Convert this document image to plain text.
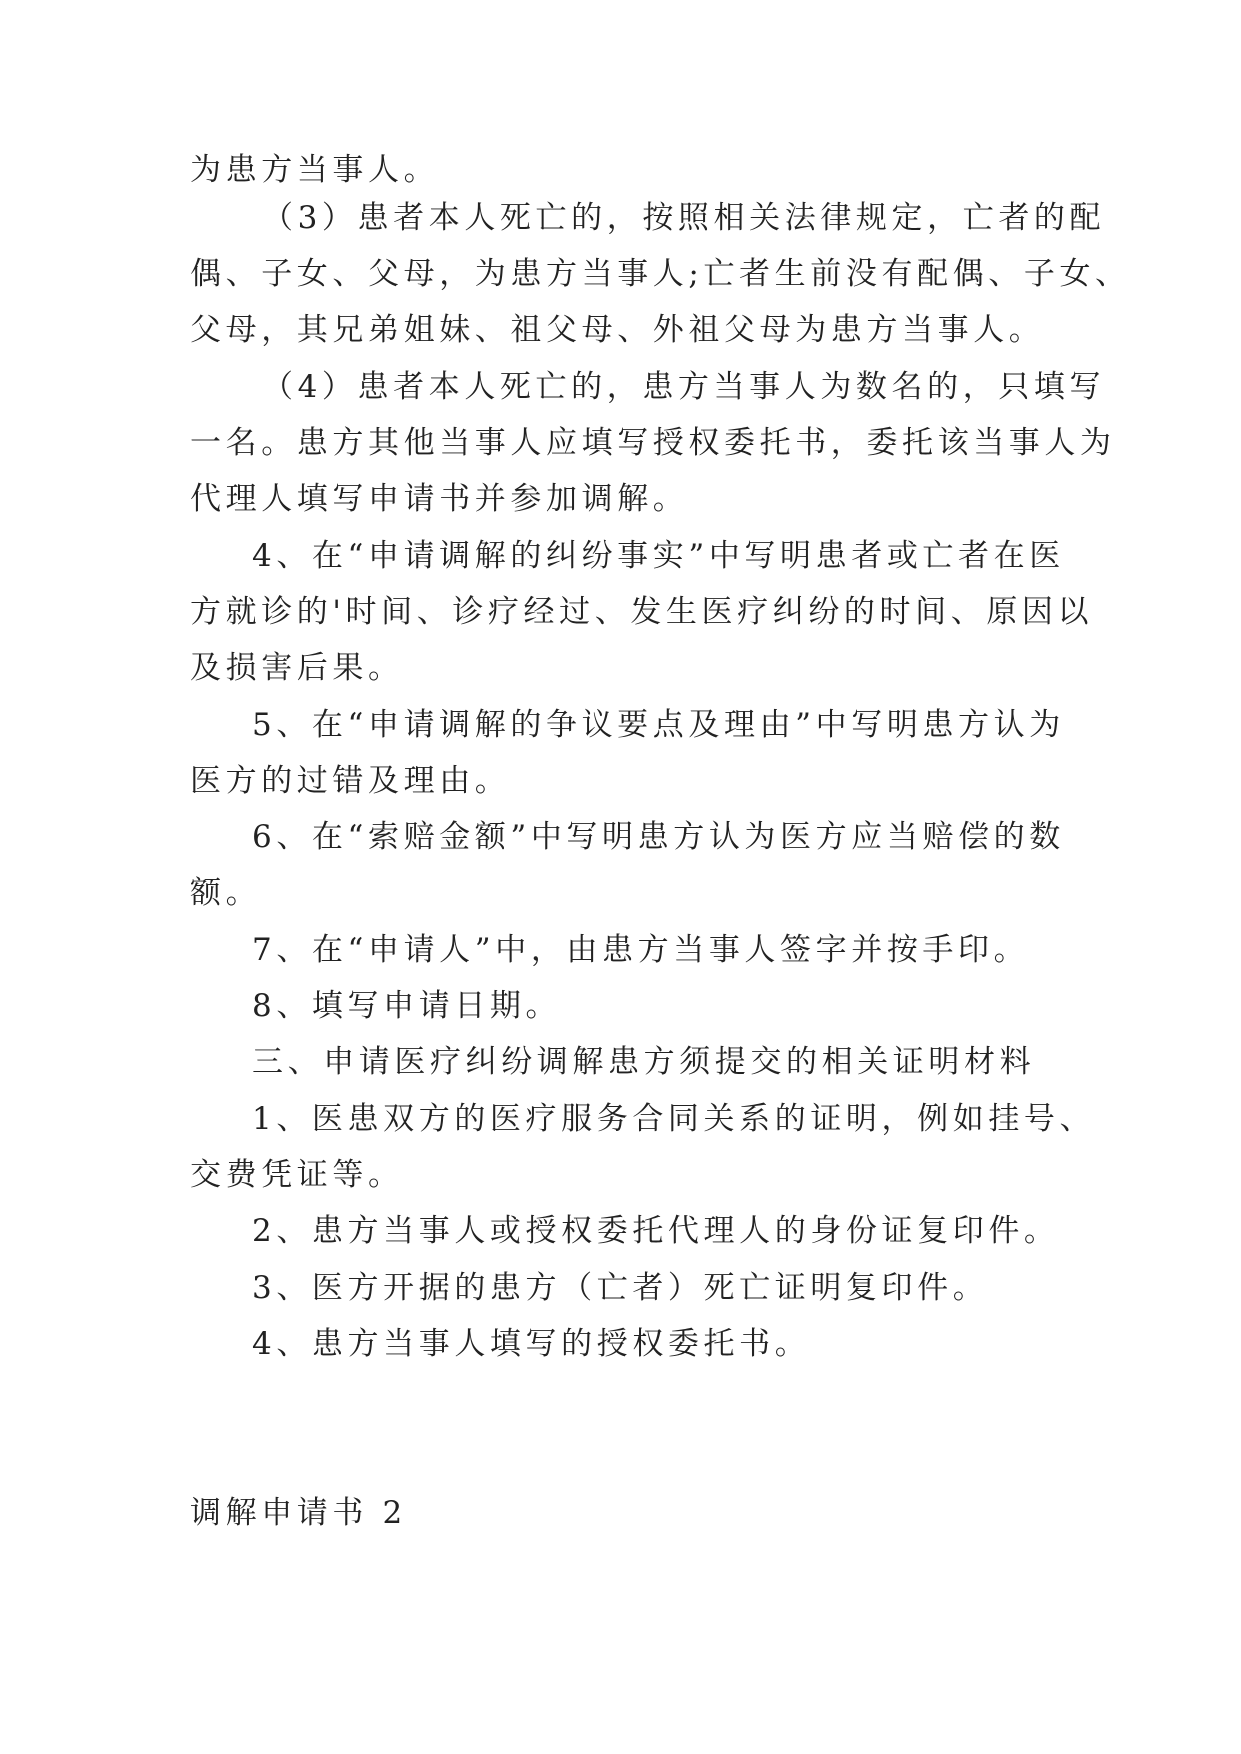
为患方当事人。

（3）患者本人死亡的，按照相关法律规定，亡者的配

偶、子女、父母，为患方当事人;亡者生前没有配偶、子女、

父母，其兄弟姐妹、祖父母、外祖父母为患方当事人。

（4）患者本人死亡的，患方当事人为数名的，只填写

一名。患方其他当事人应填写授权委托书，委托该当事人为

代理人填写申请书并参加调解。

4、在“申请调解的纠纷事实”中写明患者或亡者在医

方就诊的'时间、诊疗经过、发生医疗纠纷的时间、原因以

及损害后果。

5、在“申请调解的争议要点及理由”中写明患方认为

医方的过错及理由。

6、在“索赔金额”中写明患方认为医方应当赔偿的数

额。

7、在“申请人”中，由患方当事人签字并按手印。

8、填写申请日期。

三、申请医疗纠纷调解患方须提交的相关证明材料

1、医患双方的医疗服务合同关系的证明，例如挂号、

交费凭证等。

2、患方当事人或授权委托代理人的身份证复印件。

3、医方开据的患方（亡者）死亡证明复印件。

4、患方当事人填写的授权委托书。

调解申请书 2
